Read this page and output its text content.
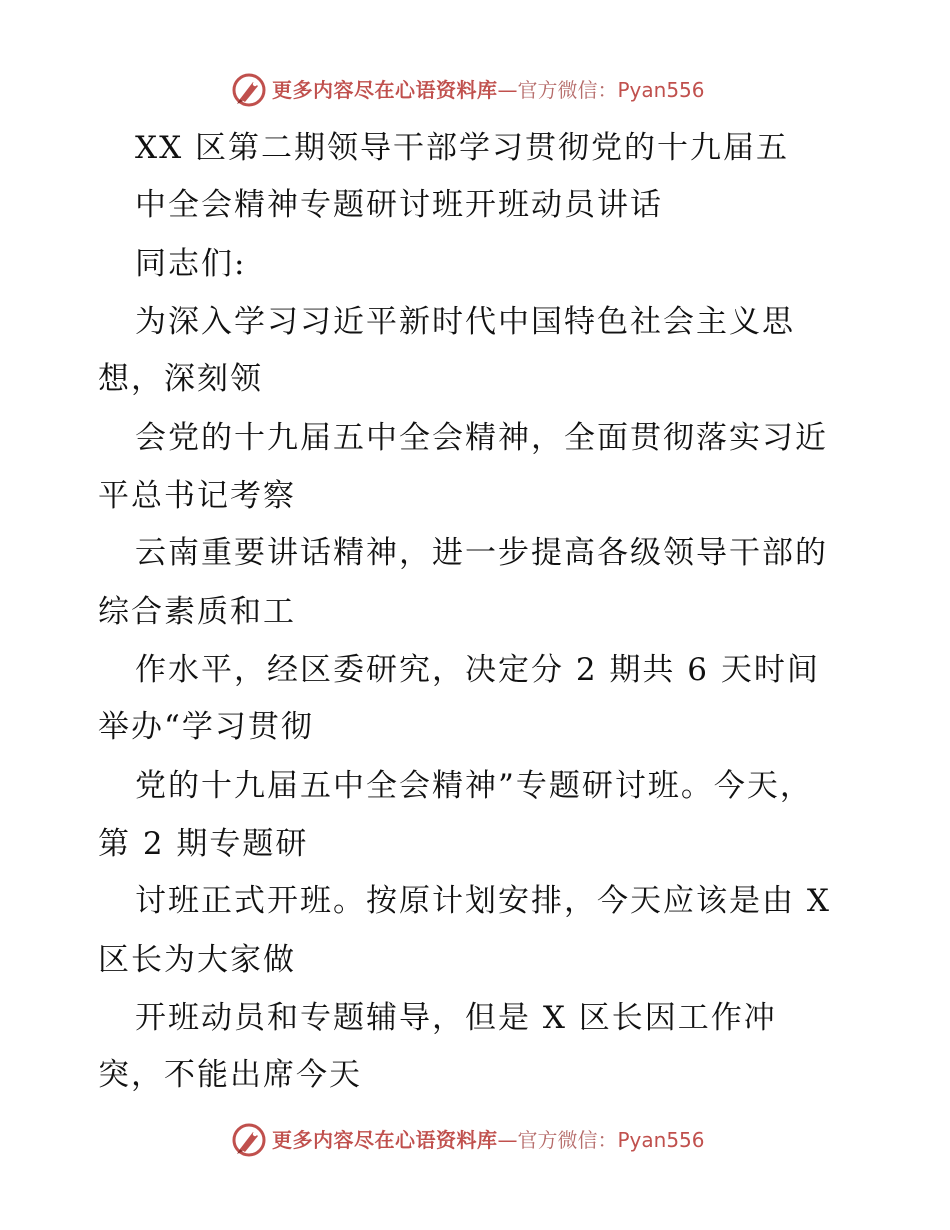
更多内容尽在心语资料库—官方微信：Pyan556
XX 区第二期领导干部学习贯彻党的十九届五
中全会精神专题研讨班开班动员讲话
同志们:
为深入学习习近平新时代中国特色社会主义思
想，深刻领
会党的十九届五中全会精神，全面贯彻落实习近
平总书记考察
云南重要讲话精神，进一步提高各级领导干部的
综合素质和工
作水平，经区委研究，决定分 2 期共 6 天时间
举办“学习贯彻
党的十九届五中全会精神”专题研讨班。今天，
第 2 期专题研
讨班正式开班。按原计划安排，今天应该是由 X
区长为大家做
开班动员和专题辅导，但是 X 区长因工作冲
突，不能出席今天
更多内容尽在心语资料库—官方微信：Pyan556
